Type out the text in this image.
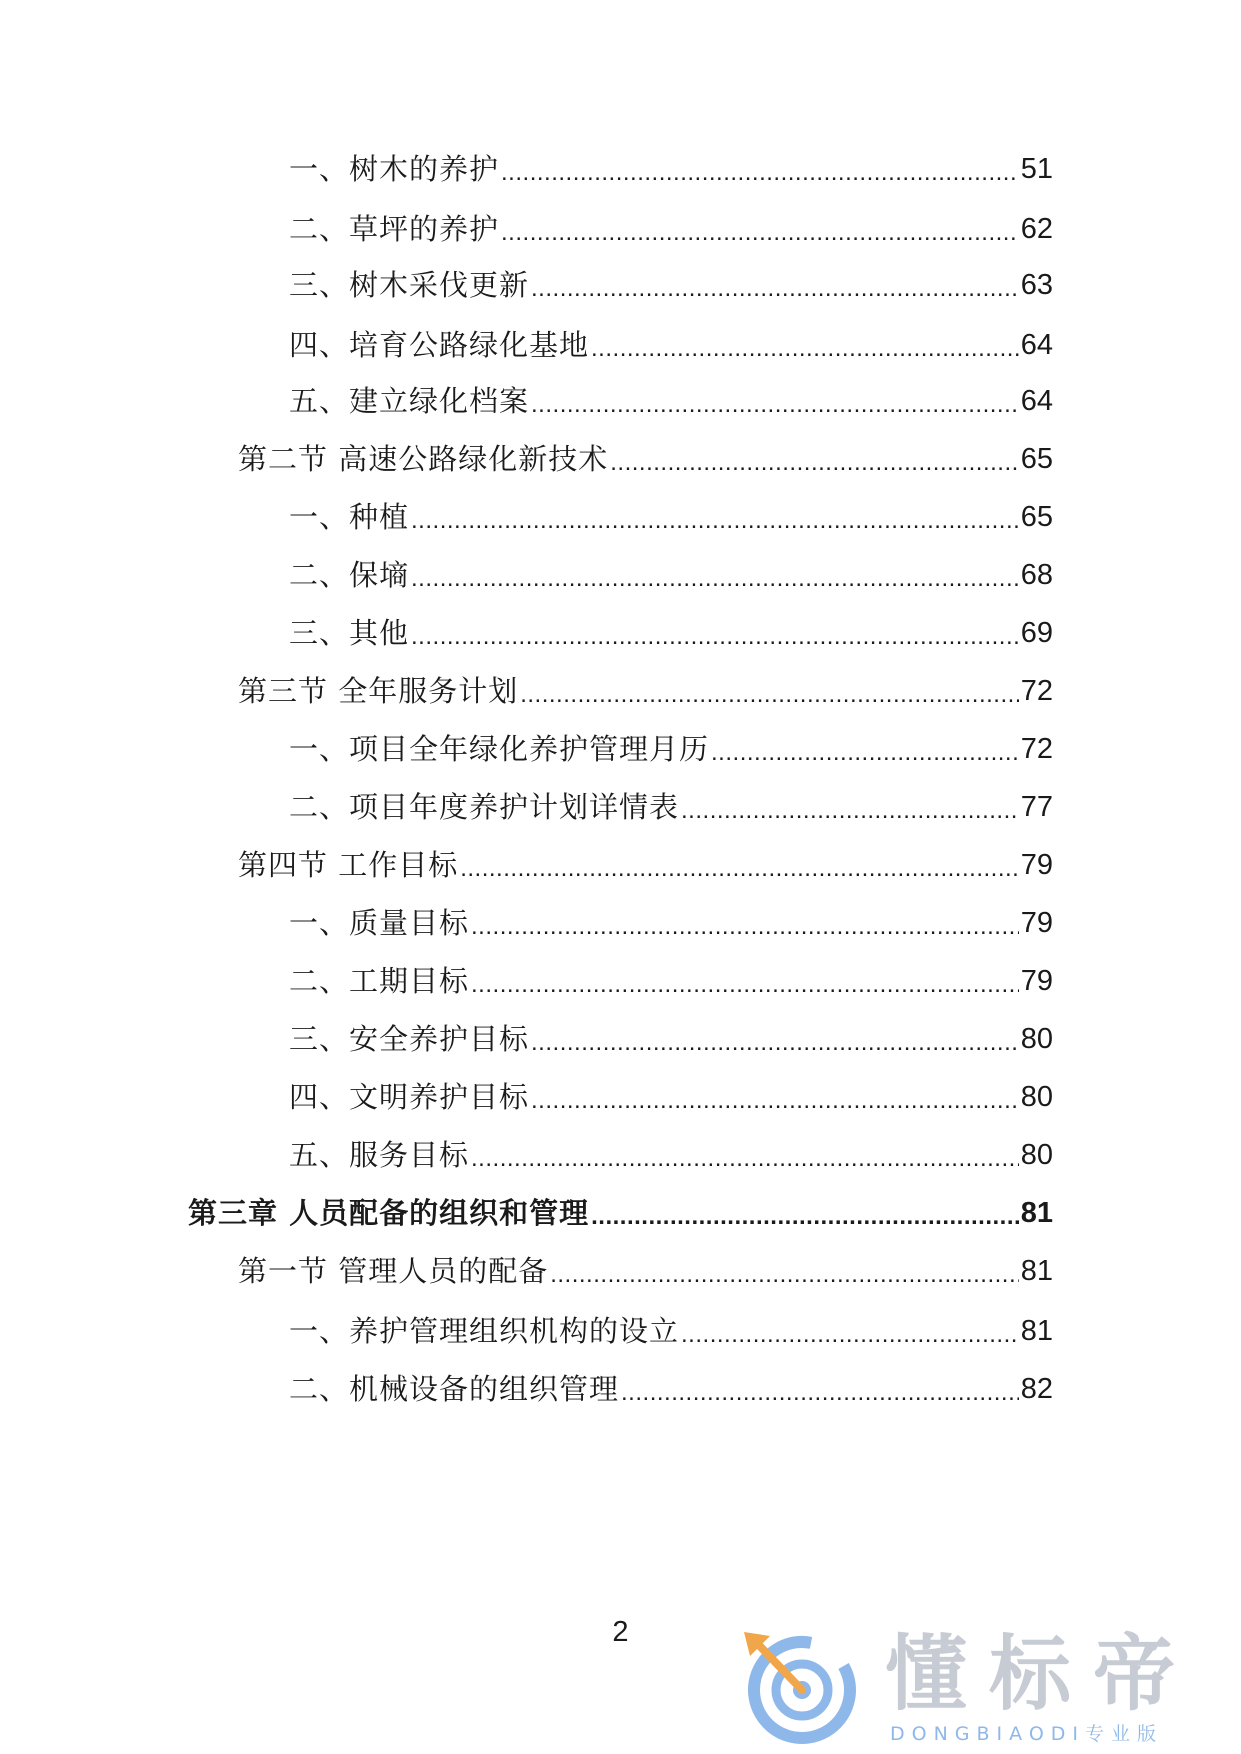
一、树木的养护 .....	51
二、草坪的养护 .....	62
三、树木采伐更新 .....	63
四、培育公路绿化基地 .....	64
五、建立绿化档案 .....	64
第二节 高速公路绿化新技术 .....	65
一、种植 .....	65
二、保墒 .....	68
三、其他 .....	69
第三节 全年服务计划 .....	72
一、项目全年绿化养护管理月历 .....	72
二、项目年度养护计划详情表 .....	77
第四节 工作目标 .....	79
一、质量目标 .....	79
二、工期目标 .....	79
三、安全养护目标 .....	80
四、文明养护目标 .....	80
五、服务目标 .....	80
第三章 人员配备的组织和管理 .....	81
第一节 管理人员的配备 .....	81
一、养护管理组织机构的设立 .....	81
二、机械设备的组织管理 .....	82
2	懂标帝
DONGBIAODI专业版
